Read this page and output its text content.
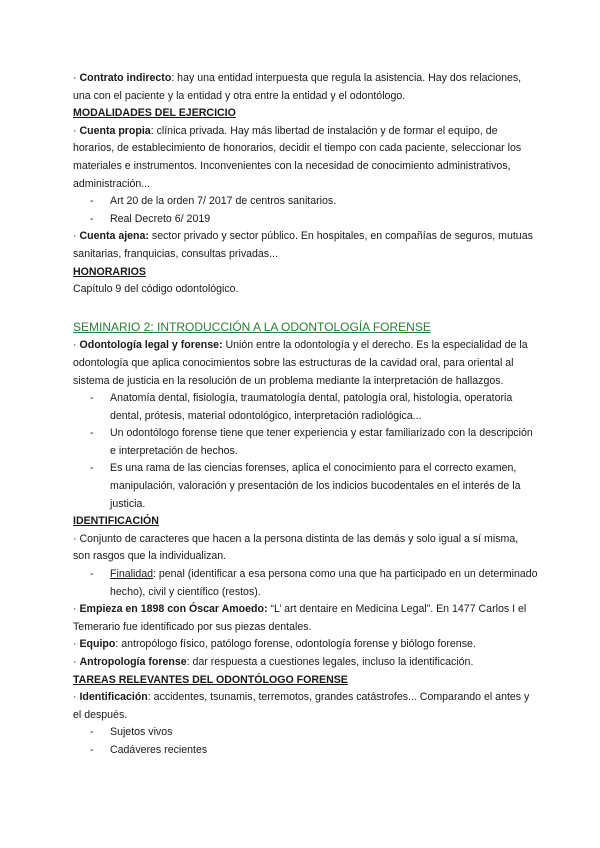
· Contrato indirecto: hay una entidad interpuesta que regula la asistencia. Hay dos relaciones, una con el paciente y la entidad y otra entre la entidad y el odontólogo.

MODALIDADES DEL EJERCICIO

· Cuenta propia: clínica privada. Hay más libertad de instalación y de formar el equipo, de horarios, de establecimiento de honorarios, decidir el tiempo con cada paciente, seleccionar los materiales e instrumentos. Inconvenientes con la necesidad de conocimiento administrativos, administración...

- Art 20 de la orden 7/ 2017 de centros sanitarios.
- Real Decreto 6/ 2019

· Cuenta ajena: sector privado y sector público. En hospitales, en compañías de seguros, mutuas sanitarias, franquicias, consultas privadas...

HONORARIOS

Capítulo 9 del código odontológico.

SEMINARIO 2: INTRODUCCIÓN A LA ODONTOLOGÍA FORENSE

· Odontología legal y forense: Unión entre la odontología y el derecho. Es la especialidad de la odontología que aplica conocimientos sobre las estructuras de la cavidad oral, para oriental al sistema de justicia en la resolución de un problema mediante la interpretación de hallazgos.

- Anatomía dental, fisiología, traumatología dental, patología oral, histología, operatoria dental, prótesis, material odontológico, interpretación radiológica...
- Un odontólogo forense tiene que tener experiencia y estar familiarizado con la descripción e interpretación de hechos.
- Es una rama de las ciencias forenses, aplica el conocimiento para el correcto examen, manipulación, valoración y presentación de los indicios bucodentales en el interés de la justicia.

IDENTIFICACIÓN

· Conjunto de caracteres que hacen a la persona distinta de las demás y solo igual a sí misma, son rasgos que la individualizan.

- Finalidad: penal (identificar a esa persona como una que ha participado en un determinado hecho), civil y científico (restos).

· Empieza en 1898 con Óscar Amoedo: “L’ art dentaire en Medicina Legal”. En 1477 Carlos I el Temerario fue identificado por sus piezas dentales.

· Equipo: antropólogo físico, patólogo forense, odontología forense y biólogo forense.

· Antropología forense: dar respuesta a cuestiones legales, incluso la identificación.

TAREAS RELEVANTES DEL ODONTÓLOGO FORENSE

· Identificación: accidentes, tsunamis, terremotos, grandes catástrofes... Comparando el antes y el después.

- Sujetos vivos
- Cadáveres recientes
